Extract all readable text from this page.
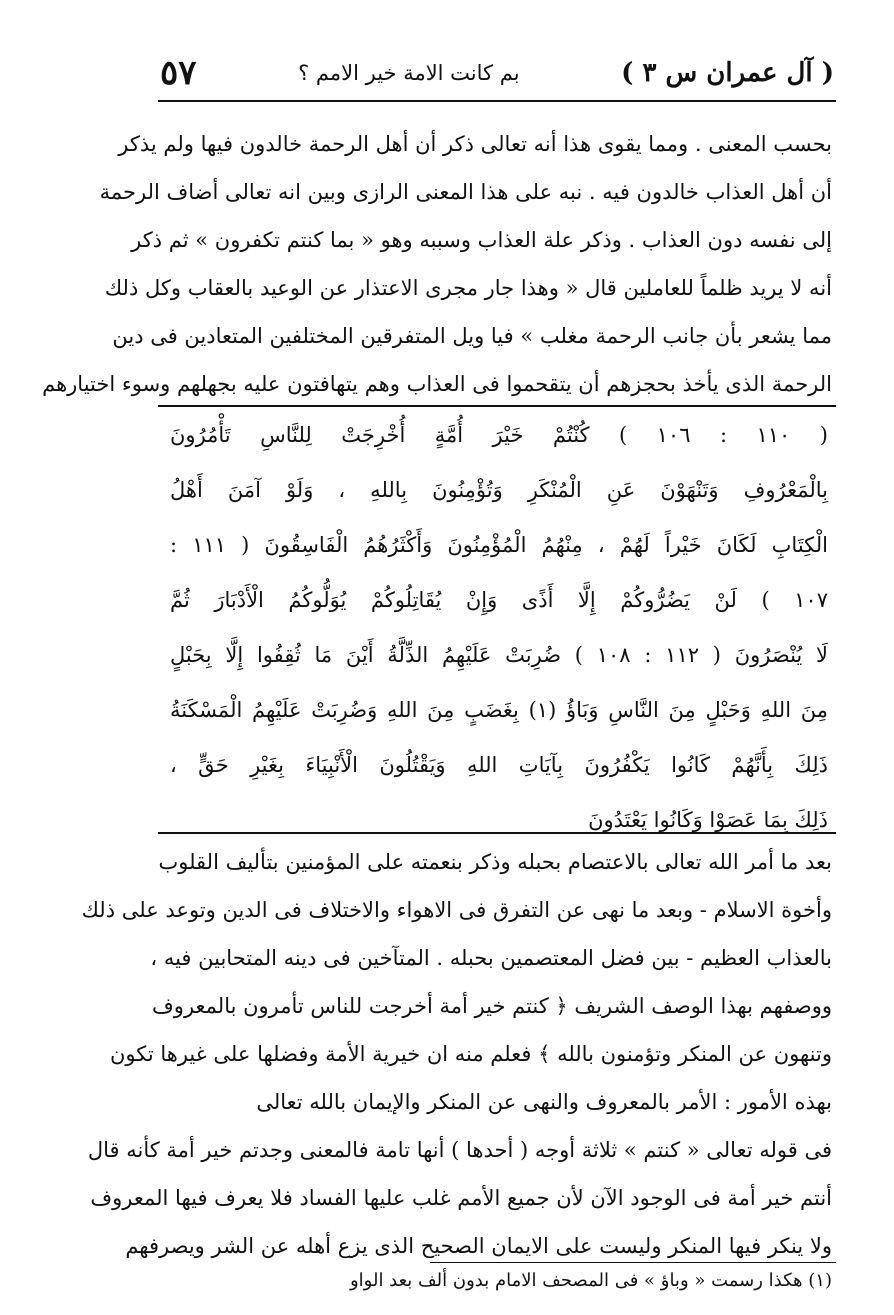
( آل عمران س ٣ )
بم كانت الامة خير الامم ؟
٥٧
بحسب المعنى . ومما يقوى هذا أنه تعالى ذكر أن أهل الرحمة خالدون فيها ولم يذكر
أن أهل العذاب خالدون فيه . نبه على هذا المعنى الرازى وبين انه تعالى أضاف الرحمة
إلى نفسه دون العذاب . وذكر علة العذاب وسببه وهو « بما كنتم تكفرون » ثم ذكر
أنه لا يريد ظلماً للعاملين قال « وهذا جار مجرى الاعتذار عن الوعيد بالعقاب وكل ذلك
مما يشعر بأن جانب الرحمة مغلب » فيا ويل المتفرقين المختلفين المتعادين فى دين
الرحمة الذى يأخذ بحجزهم أن يتقحموا فى العذاب وهم يتهافتون عليه بجهلهم وسوء اختيارهم
( ١١٠ : ١٠٦ ) كُنْتُمْ خَيْرَ أُمَّةٍ أُخْرِجَتْ لِلنَّاسِ تَأْمُرُونَ
بِالْمَعْرُوفِ وَتَنْهَوْنَ عَنِ الْمُنْكَرِ وَتُؤْمِنُونَ بِاللهِ ، وَلَوْ آمَنَ أَهْلُ
الْكِتَابِ لَكَانَ خَيْراً لَهُمْ ، مِنْهُمُ الْمُؤْمِنُونَ وَأَكْثَرُهُمُ الْفَاسِقُونَ ( ١١١ :
١٠٧ ) لَنْ يَضُرُّوكُمْ إِلَّا أَذًى وَإِنْ يُقَاتِلُوكُمْ يُوَلُّوكُمُ الْأَدْبَارَ ثُمَّ
لَا يُنْصَرُونَ ( ١١٢ : ١٠٨ ) ضُرِبَتْ عَلَيْهِمُ الذِّلَّةُ أَيْنَ مَا ثُقِفُوا إِلَّا بِحَبْلٍ
مِنَ اللهِ وَحَبْلٍ مِنَ النَّاسِ وَبَاؤُ (١) بِغَضَبٍ مِنَ اللهِ وَضُرِبَتْ عَلَيْهِمُ الْمَسْكَنَةُ
ذَلِكَ بِأَنَّهُمْ كَانُوا يَكْفُرُونَ بِآيَاتِ اللهِ وَيَقْتُلُونَ الْأَنْبِيَاءَ بِغَيْرِ حَقٍّ ،
ذَلِكَ بِمَا عَصَوْا وَكَانُوا يَعْتَدُونَ
بعد ما أمر الله تعالى بالاعتصام بحبله وذكر بنعمته على المؤمنين بتأليف القلوب
وأخوة الاسلام - وبعد ما نهى عن التفرق فى الاهواء والاختلاف فى الدين وتوعد على ذلك
بالعذاب العظيم - بين فضل المعتصمين بحبله . المتآخين فى دينه المتحابين فيه ،
ووصفهم بهذا الوصف الشريف ﴿ كنتم خير أمة أخرجت للناس تأمرون بالمعروف
وتنهون عن المنكر وتؤمنون بالله ﴾ فعلم منه ان خيرية الأمة وفضلها على غيرها تكون
بهذه الأمور : الأمر بالمعروف والنهى عن المنكر والإيمان بالله تعالى
فى قوله تعالى « كنتم » ثلاثة أوجه ( أحدها ) أنها تامة فالمعنى وجدتم خير أمة كأنه قال
أنتم خير أمة فى الوجود الآن لأن جميع الأمم غلب عليها الفساد فلا يعرف فيها المعروف
ولا ينكر فيها المنكر وليست على الايمان الصحيح الذى يزع أهله عن الشر ويصرفهم
(١) هكذا رسمت « وباؤ » فى المصحف الامام بدون ألف بعد الواو
